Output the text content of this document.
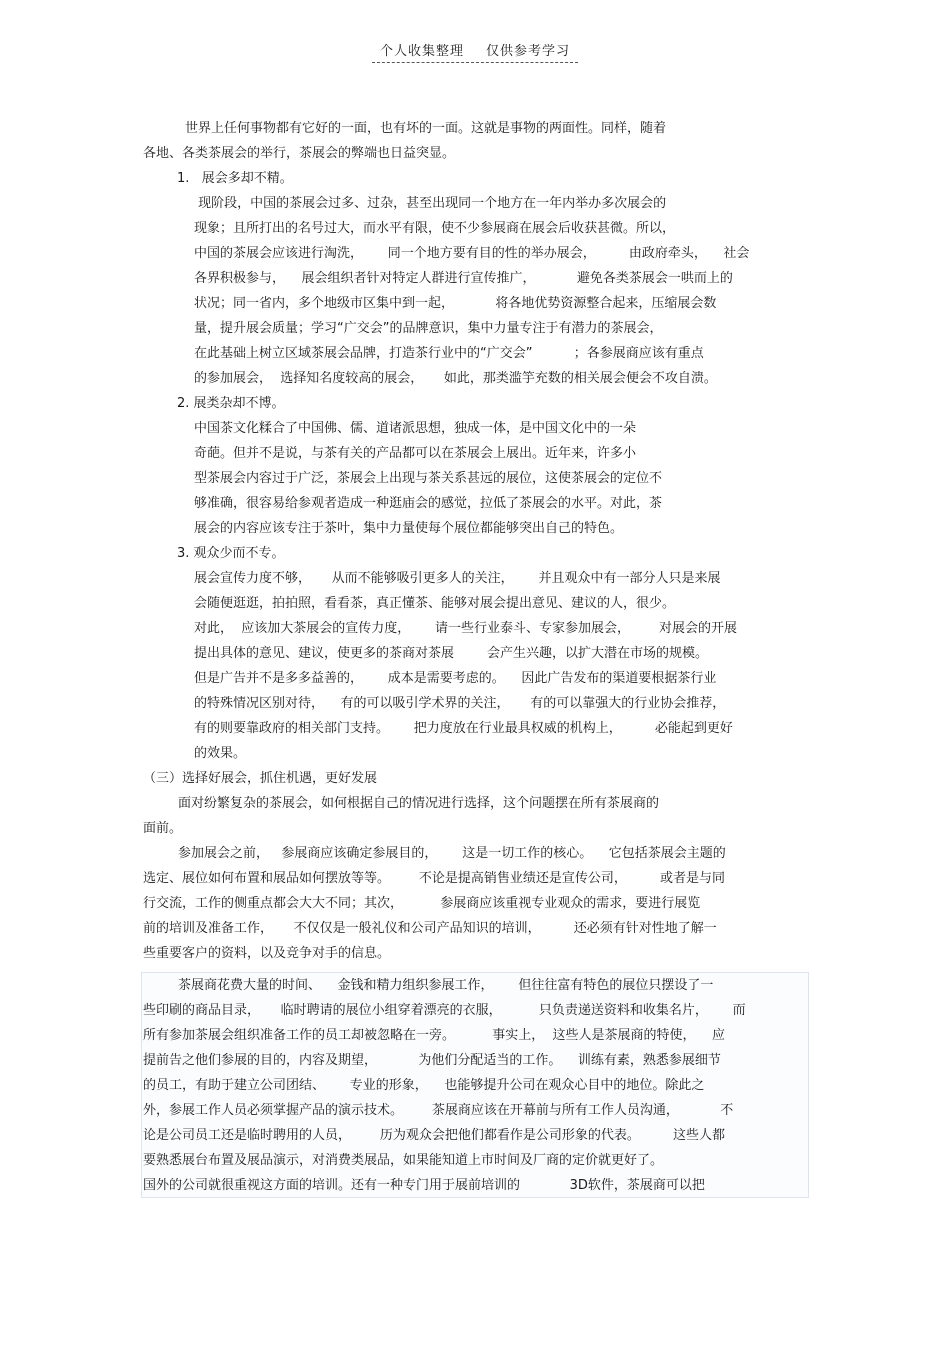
个人收集整理 仅供参考学习
世界上任何事物都有它好的一面，也有坏的一面。这就是事物的两面性。同样，随着
各地、各类茶展会的举行，茶展会的弊端也日益突显。
1.   展会多却不精。
现阶段，中国的茶展会过多、过杂，甚至出现同一个地方在一年内举办多次展会的
现象；且所打出的名号过大，而水平有限，使不少参展商在展会后收获甚微。所以，
中国的茶展会应该进行淘洗，      同一个地方要有目的性的举办展会，        由政府牵头，    社会
各界积极参与，    展会组织者针对特定人群进行宣传推广，          避免各类茶展会一哄而上的
状况；同一省内，多个地级市区集中到一起，          将各地优势资源整合起来，压缩展会数
量，提升展会质量；学习“广交会”的品牌意识，集中力量专注于有潜力的茶展会，
在此基础上树立区域茶展会品牌，打造茶行业中的“广交会”          ；各参展商应该有重点
的参加展会，  选择知名度较高的展会，     如此，那类滥竽充数的相关展会便会不攻自溃。
2. 展类杂却不博。
中国茶文化糅合了中国佛、儒、道诸派思想，独成一体，是中国文化中的一朵
奇葩。但并不是说，与茶有关的产品都可以在茶展会上展出。近年来，许多小
型茶展会内容过于广泛，茶展会上出现与茶关系甚远的展位，这使茶展会的定位不
够准确，很容易给参观者造成一种逛庙会的感觉，拉低了茶展会的水平。对此，茶
展会的内容应该专注于茶叶，集中力量使每个展位都能够突出自己的特色。
3. 观众少而不专。
展会宣传力度不够，     从而不能够吸引更多人的关注，      并且观众中有一部分人只是来展
会随便逛逛，拍拍照，看看茶，真正懂茶、能够对展会提出意见、建议的人，很少。
对此，  应该加大茶展会的宣传力度，      请一些行业泰斗、专家参加展会，       对展会的开展
提出具体的意见、建议，使更多的茶商对茶展        会产生兴趣，以扩大潜在市场的规模。
但是广告并不是多多益善的，      成本是需要考虑的。    因此广告发布的渠道要根据茶行业
的特殊情况区别对待，    有的可以吸引学术界的关注，     有的可以靠强大的行业协会推荐，
有的则要靠政府的相关部门支持。      把力度放在行业最具权威的机构上，        必能起到更好
的效果。
（三）选择好展会，抓住机遇，更好发展
面对纷繁复杂的茶展会，如何根据自己的情况进行选择，这个问题摆在所有茶展商的
面前。
参加展会之前，   参展商应该确定参展目的，      这是一切工作的核心。    它包括茶展会主题的
选定、展位如何布置和展品如何摆放等等。       不论是提高销售业绩还是宣传公司，        或者是与同
行交流，工作的侧重点都会大大不同；其次，         参展商应该重视专业观众的需求，要进行展览
前的培训及准备工作，     不仅仅是一般礼仪和公司产品知识的培训，        还必须有针对性地了解一
些重要客户的资料，以及竞争对手的信息。
茶展商花费大量的时间、    金钱和精力组织参展工作，      但往往富有特色的展位只摆设了一
些印刷的商品目录，     临时聘请的展位小组穿着漂亮的衣服，         只负责递送资料和收集名片，      而
所有参加茶展会组织准备工作的员工却被忽略在一旁。         事实上，  这些人是茶展商的特使，    应
提前告之他们参展的目的，内容及期望，          为他们分配适当的工作。    训练有素，熟悉参展细节
的员工，有助于建立公司团结、      专业的形象，    也能够提升公司在观众心目中的地位。除此之
外，参展工作人员必须掌握产品的演示技术。       茶展商应该在开幕前与所有工作人员沟通，          不
论是公司员工还是临时聘用的人员，       历为观众会把他们都看作是公司形象的代表。        这些人都
要熟悉展台布置及展品演示，对消费类展品，如果能知道上市时间及厂商的定价就更好了。
国外的公司就很重视这方面的培训。还有一种专门用于展前培训的            3D软件，茶展商可以把
